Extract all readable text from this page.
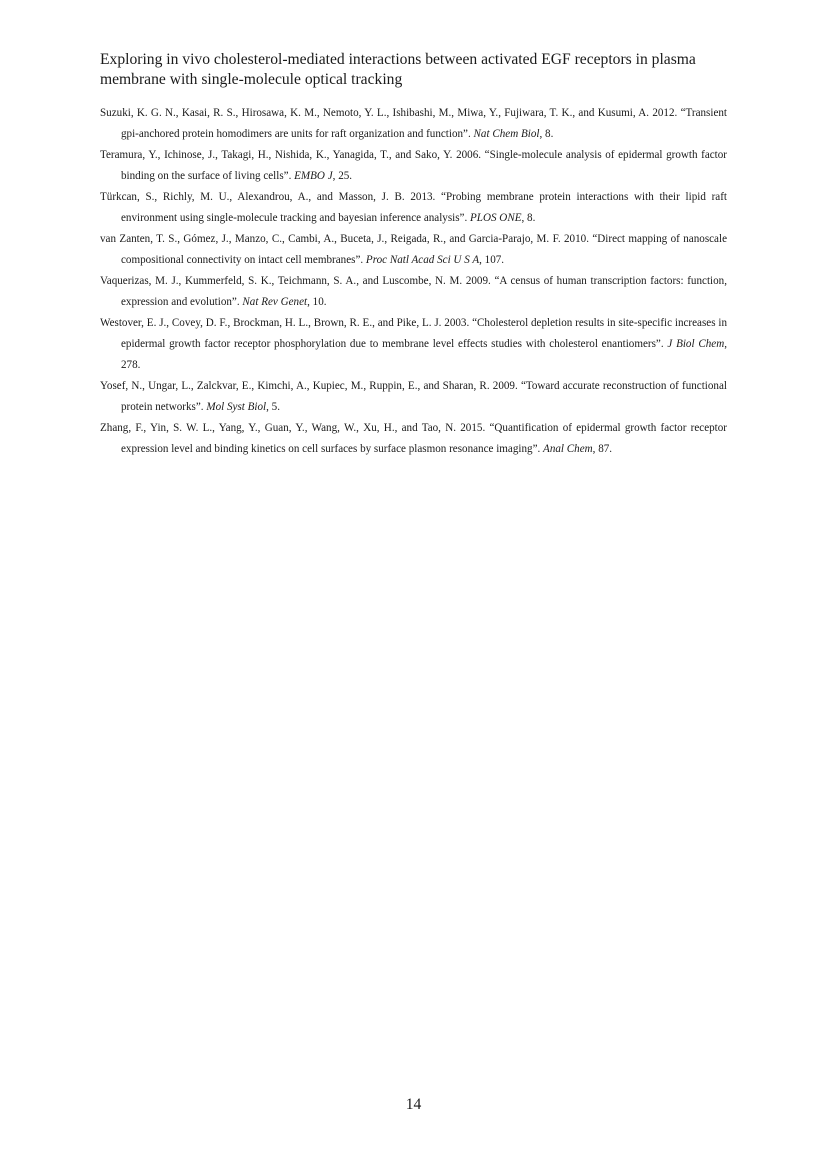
Exploring in vivo cholesterol-mediated interactions between activated EGF receptors in plasma membrane with single-molecule optical tracking

Suzuki, K. G. N., Kasai, R. S., Hirosawa, K. M., Nemoto, Y. L., Ishibashi, M., Miwa, Y., Fujiwara, T. K., and Kusumi, A. 2012. “Transient gpi-anchored protein homodimers are units for raft organization and function”. Nat Chem Biol, 8.

Teramura, Y., Ichinose, J., Takagi, H., Nishida, K., Yanagida, T., and Sako, Y. 2006. “Single-molecule analysis of epidermal growth factor binding on the surface of living cells”. EMBO J, 25.

Türkcan, S., Richly, M. U., Alexandrou, A., and Masson, J. B. 2013. “Probing membrane protein interactions with their lipid raft environment using single-molecule tracking and bayesian inference analysis”. PLOS ONE, 8.

van Zanten, T. S., Gómez, J., Manzo, C., Cambi, A., Buceta, J., Reigada, R., and Garcia-Parajo, M. F. 2010. “Direct mapping of nanoscale compositional connectivity on intact cell membranes”. Proc Natl Acad Sci U S A, 107.

Vaquerizas, M. J., Kummerfeld, S. K., Teichmann, S. A., and Luscombe, N. M. 2009. “A census of human transcription factors: function, expression and evolution”. Nat Rev Genet, 10.

Westover, E. J., Covey, D. F., Brockman, H. L., Brown, R. E., and Pike, L. J. 2003. “Cholesterol depletion results in site-specific increases in epidermal growth factor receptor phosphorylation due to membrane level effects studies with cholesterol enantiomers”. J Biol Chem, 278.

Yosef, N., Ungar, L., Zalckvar, E., Kimchi, A., Kupiec, M., Ruppin, E., and Sharan, R. 2009. “Toward accurate reconstruction of functional protein networks”. Mol Syst Biol, 5.

Zhang, F., Yin, S. W. L., Yang, Y., Guan, Y., Wang, W., Xu, H., and Tao, N. 2015. “Quantification of epidermal growth factor receptor expression level and binding kinetics on cell surfaces by surface plasmon resonance imaging”. Anal Chem, 87.

14
